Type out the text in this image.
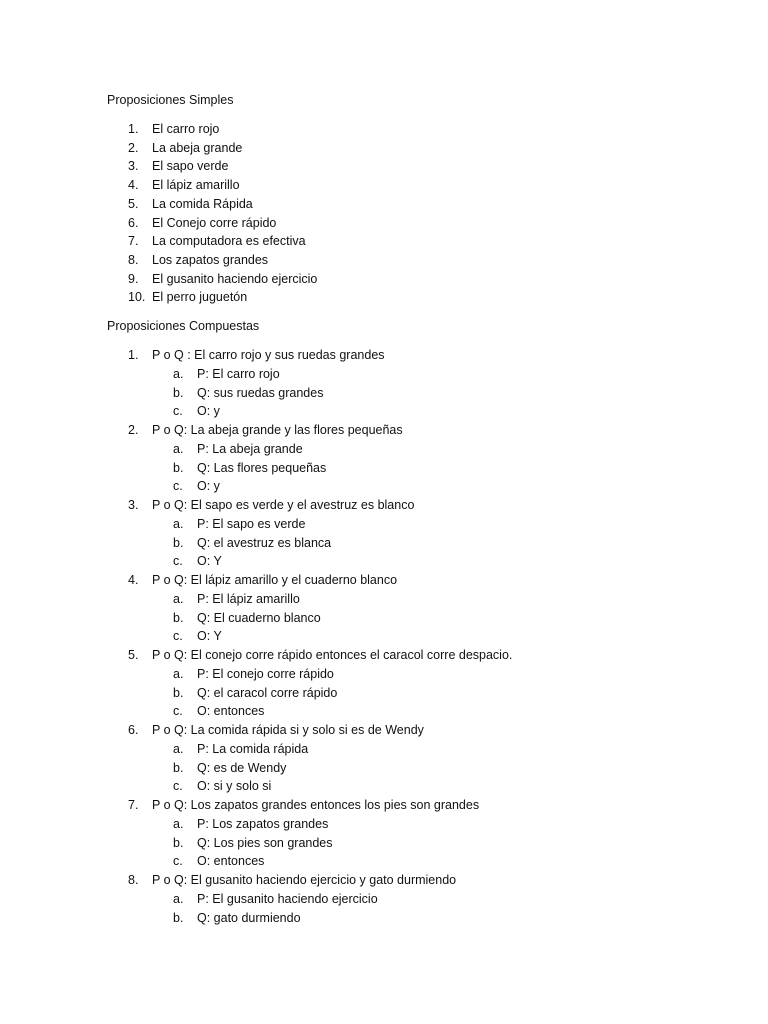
Proposiciones Simples
1.	El carro rojo
2.	La abeja grande
3.	El sapo verde
4.	El lápiz amarillo
5.	La comida Rápida
6.	El Conejo corre rápido
7.	La computadora es efectiva
8.	Los zapatos grandes
9.	El gusanito haciendo ejercicio
10. El perro juguetón
Proposiciones Compuestas
1. P o Q : El carro rojo y sus ruedas grandes
a. P: El carro rojo
b. Q: sus ruedas grandes
c. O: y
2. P o Q: La abeja grande y las flores pequeñas
a. P: La abeja grande
b. Q: Las flores pequeñas
c. O: y
3. P o Q: El sapo es verde y el avestruz es blanco
a. P: El sapo es verde
b. Q: el avestruz es blanca
c. O: Y
4. P o Q: El lápiz amarillo y el cuaderno blanco
a. P: El lápiz amarillo
b. Q: El cuaderno blanco
c. O: Y
5. P o Q: El conejo corre rápido entonces el caracol corre despacio.
a. P: El conejo corre rápido
b. Q: el caracol corre rápido
c. O: entonces
6. P o Q: La comida rápida si y solo si es de Wendy
a. P: La comida rápida
b. Q: es de Wendy
c. O: si y solo si
7. P o Q: Los zapatos grandes entonces los pies son grandes
a. P: Los zapatos grandes
b. Q: Los pies son grandes
c. O: entonces
8. P o Q: El gusanito haciendo ejercicio y gato durmiendo
a. P: El gusanito haciendo ejercicio
b. Q: gato durmiendo
